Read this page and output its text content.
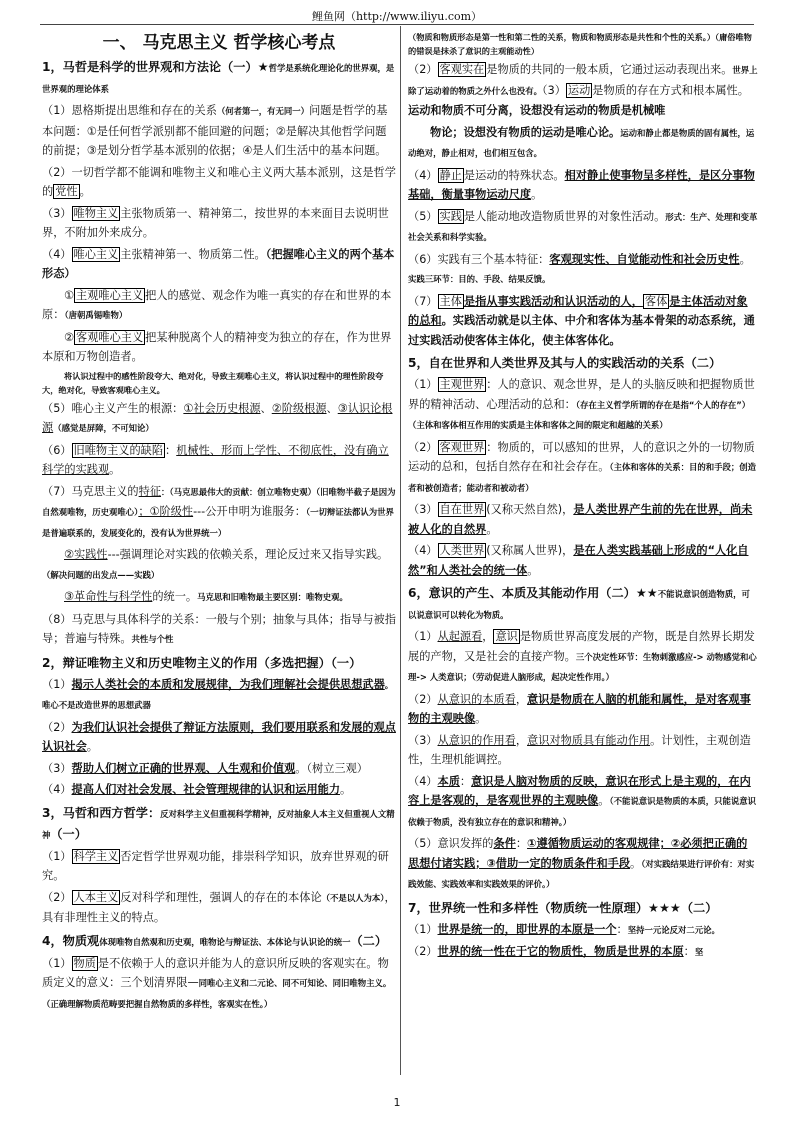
鲤鱼网（http://www.iliyu.com）
一、 马克思主义 哲学核心考点

1，马哲是科学的世界观和方法论（一）★哲学是系统化理论化的世界观，是世界观的理论体系

（1）恩格斯提出思维和存在的关系（何者第一，有无同一）问题是哲学的基本问题：①是任何哲学派别都不能回避的问题；②是解决其他哲学问题的前提；③是划分哲学基本派别的依据；④是人们生活中的基本问题。

（2）一切哲学都不能调和唯物主义和唯心主义两大基本派别，这是哲学的 党性 。

（3） 唯物主义 主张物质第一、精神第二，按世界的本来面目去说明世界，不附加外来成分。

（4） 唯心主义 主张精神第一、物质第二性。（把握唯心主义的两个基本形态）

① 主观唯心主义 把人的感觉、观念作为唯一真实的存在和世界的本原：（唐朝禹锡唯物）

② 客观唯心主义 把某种脱离个人的精神变为独立的存在，作为世界本原和万物创造者。

将认识过程中的感性阶段夸大、绝对化，导致主观唯心主义，将认识过程中的理性阶段夸大，绝对化，导致客观唯心主义。

（5）唯心主义产生的根源：①社会历史根源、②阶级根源、③认识论根源（感觉是屏障，不可知论）

（6） 旧唯物主义的缺陷 ：机械性、形而上学性、不彻底性，没有确立科学的实践观。

（7）马克思主义的特征：（马克思最伟大的贡献：创立唯物史观）（旧唯物半截子是因为自然观唯物，历史观唯心）；①阶级性---公开申明为谁服务：（一切辩证法都认为世界是普遍联系的，发展变化的，没有认为世界统一）

②实践性---强调理论对实践的依赖关系，理论反过来又指导实践。（解决问题的出发点——实践）

③革命性与科学性的统一。马克思和旧唯物最主要区别：唯物史观。

（8）马克思与具体科学的关系：一般与个别；抽象与具体；指导与被指导；普遍与特殊。共性与个性

2，辩证唯物主义和历史唯物主义的作用（多选把握）（一）

（1）揭示人类社会的本质和发展规律，为我们理解社会提供思想武器。唯心不是改造世界的思想武器

（2）为我们认识社会提供了辩证方法原则，我们要用联系和发展的观点认识社会。

（3）帮助人们树立正确的世界观、人生观和价值观。（树立三观）

（4）提高人们对社会发展、社会管理规律的认识和运用能力。

3，马哲和西方哲学：反对科学主义但重视科学精神，反对抽象人本主义但重视人文精神（一）

（1） 科学主义 否定哲学世界观功能，排崇科学知识，放弃世界观的研究。

（2） 人本主义 反对科学和理性，强调人的存在的本体论（不是以人为本），具有非理性主义的特点。

4，物质观体现唯物自然观和历史观，唯物论与辩证法、本体论与认识论的统一（二）

（1） 物质 是不依赖于人的意识并能为人的意识所反映的客观实在。物质定义的意义：三个划清界限—同唯心主义和二元论、同不可知论、同旧唯物主义。（正确理解物质范畴要把握自然物质的多样性，客观实在性。）

（物质和物质形态是第一性和第二性的关系，物质和物质形态是共性和个性的关系。）（庸俗唯物的错误是抹杀了意识的主观能动性）

（2） 客观实在 是物质的共同的一般本质，它通过运动表现出来。世界上除了运动着的物质之外什么也没有。（3） 运动 是物质的存在方式和根本属性。运动和物质不可分离，设想没有运动的物质是机械唯

物论；设想没有物质的运动是唯心论。运动和静止都是物质的固有属性，运动绝对，静止相对，也们相互包含。

（4） 静止 是运动的特殊状态。相对静止使事物呈多样性，是区分事物基础，衡量事物运动尺度。

（5） 实践 是人能动地改造物质世界的对象性活动。形式：生产、处理和变革社会关系和科学实验。

（6）实践有三个基本特征：客观现实性、自觉能动性和社会历史性。实践三环节：目的、手段、结果反馈。

（7） 主体 是指从事实践活动和认识活动的人， 客体 是主体活动对象的总和。实践活动就是以主体、中介和客体为基本骨架的动态系统，通过实践活动使客体主体化，使主体客体化。

5，自在世界和人类世界及其与人的实践活动的关系（二）

（1） 主观世界 ：人的意识、观念世界，是人的头脑反映和把握物质世界的精神活动、心理活动的总和：（存在主义哲学所谓的存在是指“个人的存在”）（主体和客体相互作用的实质是主体和客体之间的限定和超越的关系）

（2） 客观世界 ：物质的，可以感知的世界，人的意识之外的一切物质运动的总和，包括自然存在和社会存在。（主体和客体的关系：目的和手段；创造者和被创造者；能动者和被动者）

（3） 自在世界 (又称天然自然)，是人类世界产生前的先在世界，尚未被人化的自然界。

（4） 人类世界 (又称属人世界)，是在人类实践基础上形成的“人化自然”和人类社会的统一体。

6，意识的产生、本质及其能动作用（二）★★不能说意识创造物质，可以说意识可以转化为物质。

（1）从起源看， 意识 是物质世界高度发展的产物，既是自然界长期发展的产物，又是社会的直接产物。三个决定性环节：生物刺激感应-> 动物感觉和心理-> 人类意识；（劳动促进人脑形成，起决定性作用。）

（2）从意识的本质看，意识是物质在人脑的机能和属性，是对客观事物的主观映像。

（3）从意识的作用看，意识对物质具有能动作用。计划性，主观创造性，生理机能调控。

（4）本质：意识是人脑对物质的反映，意识在形式上是主观的，在内容上是客观的，是客观世界的主观映像。（不能说意识是物质的本质，只能说意识依赖于物质，没有独立存在的意识和精神。）

（5）意识发挥的条件：①遵循物质运动的客观规律；②必须把正确的思想付诸实践；③借助一定的物质条件和手段。（对实践结果进行评价有：对实践效能、实践效率和实践效果的评价。）

7，世界统一性和多样性（物质统一性原理）★★★（二）

（1）世界是统一的，即世界的本原是一个：坚持一元论反对二元论。

（2）世界的统一性在于它的物质性，物质是世界的本原：坚

1
